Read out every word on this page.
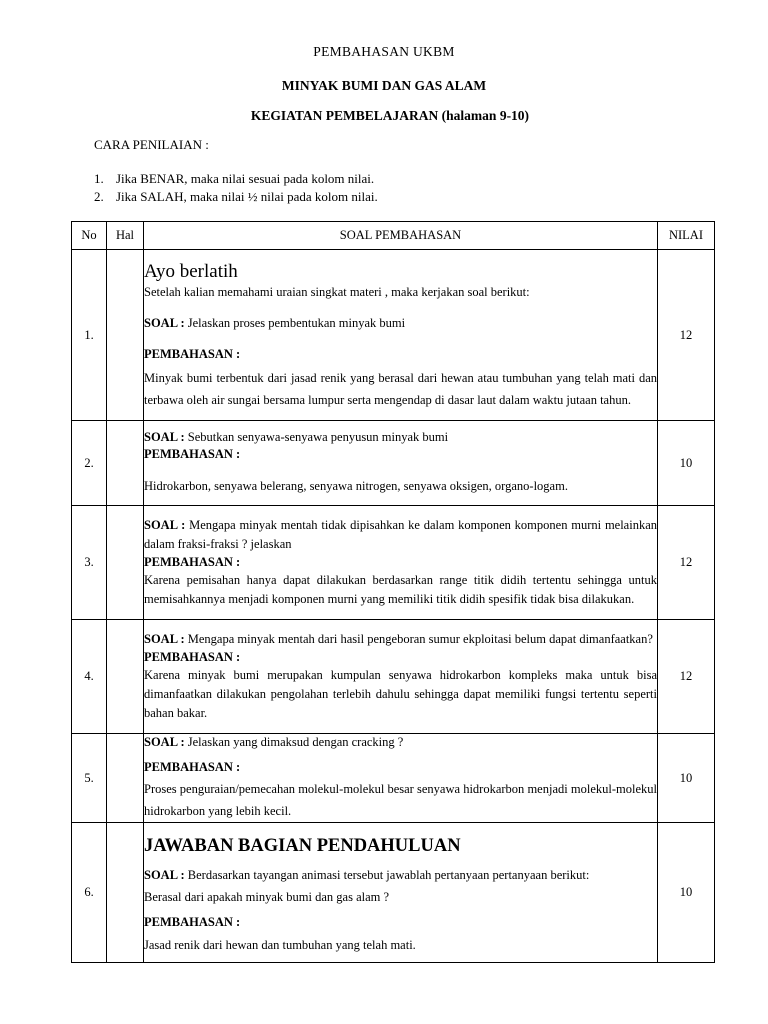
PEMBAHASAN UKBM
MINYAK BUMI DAN GAS ALAM
KEGIATAN PEMBELAJARAN (halaman 9-10)
CARA PENILAIAN :
1. Jika BENAR, maka nilai sesuai pada kolom nilai.
2. Jika SALAH, maka nilai ½ nilai pada kolom nilai.
No	Hal	SOAL PEMBAHASAN	NILAI
1.		Ayo berlatih
Setelah kalian memahami uraian singkat materi , maka kerjakan soal berikut:
SOAL : Jelaskan proses pembentukan minyak bumi
PEMBAHASAN :
Minyak bumi terbentuk dari jasad renik yang berasal dari hewan atau tumbuhan yang telah mati dan terbawa oleh air sungai bersama lumpur serta mengendap di dasar laut dalam waktu jutaan tahun.	12
2.		SOAL : Sebutkan senyawa-senyawa penyusun minyak bumi
PEMBAHASAN :
Hidrokarbon, senyawa belerang, senyawa nitrogen, senyawa oksigen, organo-logam.	10
3.		SOAL : Mengapa minyak mentah tidak dipisahkan ke dalam komponen komponen murni melainkan dalam fraksi-fraksi ? jelaskan
PEMBAHASAN :
Karena pemisahan hanya dapat dilakukan berdasarkan range titik didih tertentu sehingga untuk memisahkannya menjadi komponen murni yang memiliki titik didih spesifik tidak bisa dilakukan.	12
4.		SOAL : Mengapa minyak mentah dari hasil pengeboran sumur ekploitasi belum dapat dimanfaatkan?
PEMBAHASAN :
Karena minyak bumi merupakan kumpulan senyawa hidrokarbon kompleks maka untuk bisa dimanfaatkan dilakukan pengolahan terlebih dahulu sehingga dapat memiliki fungsi tertentu seperti bahan bakar.	12
5.		SOAL : Jelaskan yang dimaksud dengan cracking ?
PEMBAHASAN :
Proses penguraian/pemecahan molekul-molekul besar senyawa hidrokarbon menjadi molekul-molekul hidrokarbon yang lebih kecil.	10
6.		JAWABAN BAGIAN PENDAHULUAN
SOAL : Berdasarkan tayangan animasi tersebut jawablah pertanyaan pertanyaan berikut:
Berasal dari apakah minyak bumi dan gas alam ?
PEMBAHASAN :
Jasad renik dari hewan dan tumbuhan yang telah mati.	10
